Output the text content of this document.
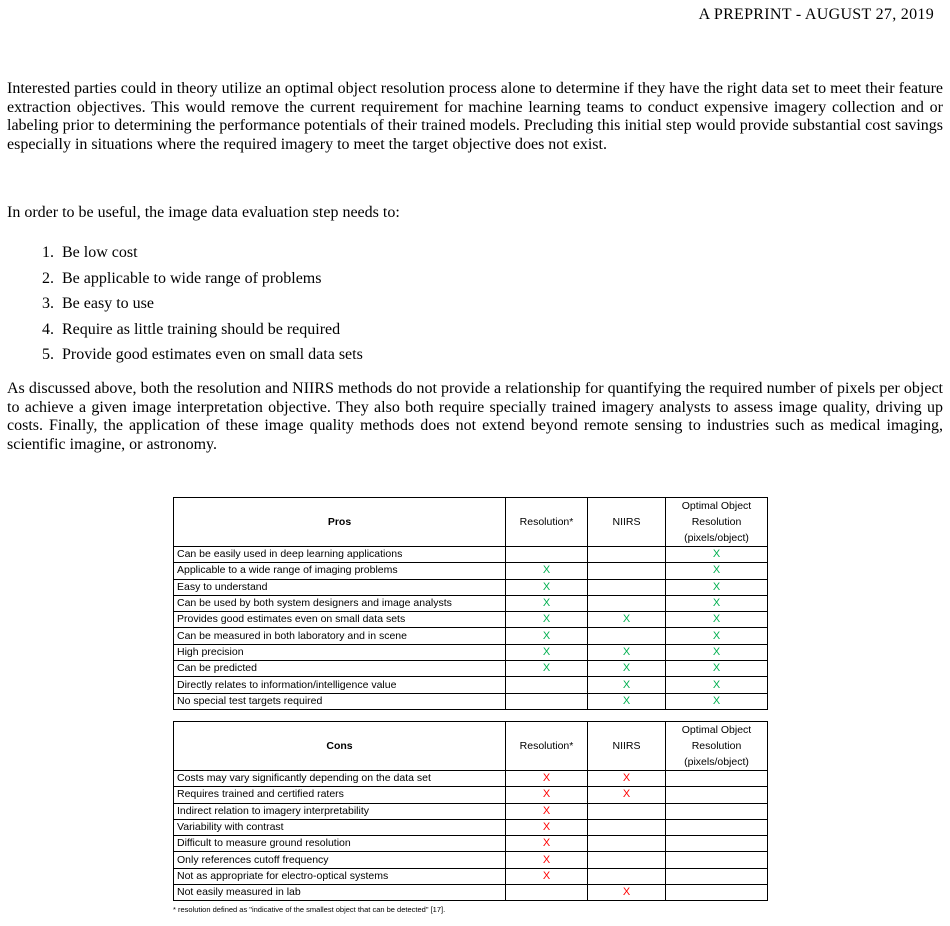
A PREPRINT - AUGUST 27, 2019

Interested parties could in theory utilize an optimal object resolution process alone to determine if they have the right data set to meet their feature extraction objectives. This would remove the current requirement for machine learning teams to conduct expensive imagery collection and or labeling prior to determining the performance potentials of their trained models. Precluding this initial step would provide substantial cost savings especially in situations where the required imagery to meet the target objective does not exist.

In order to be useful, the image data evaluation step needs to:

1. Be low cost
2. Be applicable to wide range of problems
3. Be easy to use
4. Require as little training should be required
5. Provide good estimates even on small data sets

As discussed above, both the resolution and NIIRS methods do not provide a relationship for quantifying the required number of pixels per object to achieve a given image interpretation objective. They also both require specially trained imagery analysts to assess image quality, driving up costs. Finally, the application of these image quality methods does not extend beyond remote sensing to industries such as medical imaging, scientific imagine, or astronomy.

Pros	Resolution*	NIIRS	Optimal Object Resolution (pixels/object)
Can be easily used in deep learning applications			X
Applicable to a wide range of imaging problems	X		X
Easy to understand	X		X
Can be used by both system designers and image analysts	X		X
Provides good estimates even on small data sets	X	X	X
Can be measured in both laboratory and in scene	X		X
High precision	X	X	X
Can be predicted	X	X	X
Directly relates to information/intelligence value		X	X
No special test targets required		X	X
Cons	Resolution*	NIIRS	Optimal Object Resolution (pixels/object)
Costs may vary significantly depending on the data set	X	X	
Requires trained and certified raters	X	X	
Indirect relation to imagery interpretability	X		
Variability with contrast	X		
Difficult to measure ground resolution	X		
Only references cutoff frequency	X		
Not as appropriate for electro-optical systems	X		
Not easily measured in lab		X	
* resolution defined as "indicative of the smallest object that can be detected" [17].
